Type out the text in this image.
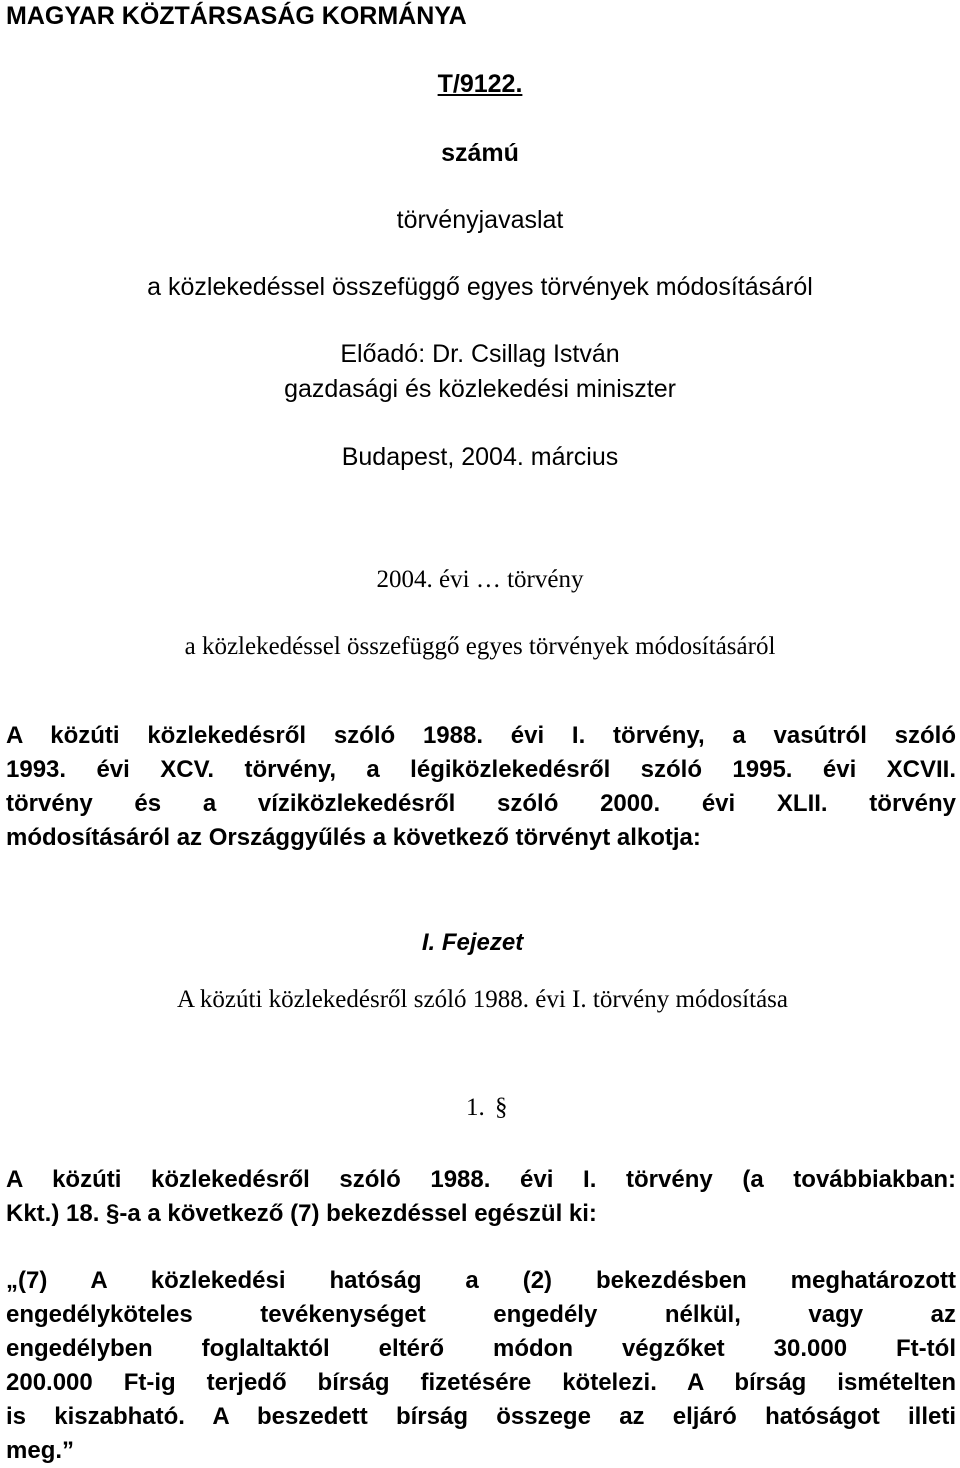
MAGYAR KÖZTÁRSASÁG KORMÁNYA
T/9122.
számú
törvényjavaslat
a közlekedéssel összefüggő egyes törvények módosításáról
Előadó: Dr. Csillag István
gazdasági és közlekedési miniszter
Budapest, 2004. március
2004. évi … törvény
a közlekedéssel összefüggő egyes törvények módosításáról
A közúti közlekedésről szóló 1988. évi I. törvény, a vasútról szóló
1993. évi XCV. törvény, a légiközlekedésről szóló 1995. évi XCVII.
törvény és a víziközlekedésről szóló 2000. évi XLII. törvény
módosításáról az Országgyűlés a következő törvényt alkotja:
I. Fejezet
A közúti közlekedésről szóló 1988. évi I. törvény módosítása
1. §
A közúti közlekedésről szóló 1988. évi I. törvény (a továbbiakban:
Kkt.) 18. §-a a következő (7) bekezdéssel egészül ki:
„(7) A közlekedési hatóság a (2) bekezdésben meghatározott
engedélyköteles tevékenységet engedély nélkül, vagy az
engedélyben foglaltaktól eltérő módon végzőket 30.000 Ft-tól
200.000 Ft-ig terjedő bírság fizetésére kötelezi. A bírság ismételten
is kiszabható. A beszedett bírság összege az eljáró hatóságot illeti
meg.”
